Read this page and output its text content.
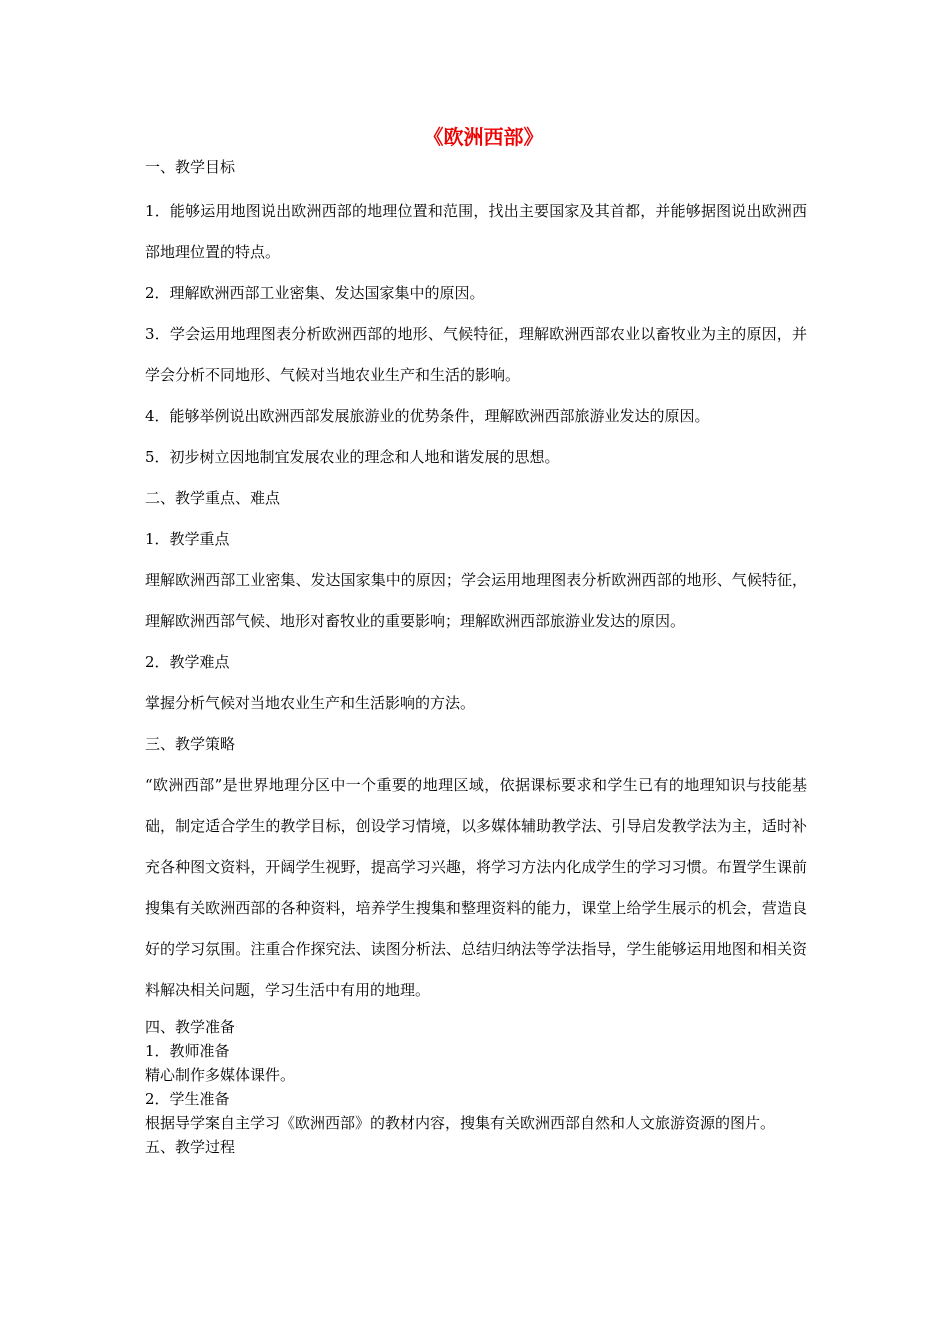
《欧洲西部》
一、教学目标
1．能够运用地图说出欧洲西部的地理位置和范围，找出主要国家及其首都，并能够据图说出欧洲西部地理位置的特点。
2．理解欧洲西部工业密集、发达国家集中的原因。
3．学会运用地理图表分析欧洲西部的地形、气候特征，理解欧洲西部农业以畜牧业为主的原因，并学会分析不同地形、气候对当地农业生产和生活的影响。
4．能够举例说出欧洲西部发展旅游业的优势条件，理解欧洲西部旅游业发达的原因。
5．初步树立因地制宜发展农业的理念和人地和谐发展的思想。
二、教学重点、难点
1．教学重点
理解欧洲西部工业密集、发达国家集中的原因；学会运用地理图表分析欧洲西部的地形、气候特征，理解欧洲西部气候、地形对畜牧业的重要影响；理解欧洲西部旅游业发达的原因。
2．教学难点
掌握分析气候对当地农业生产和生活影响的方法。
三、教学策略
“欧洲西部”是世界地理分区中一个重要的地理区域，依据课标要求和学生已有的地理知识与技能基础，制定适合学生的教学目标，创设学习情境，以多媒体辅助教学法、引导启发教学法为主，适时补充各种图文资料，开阔学生视野，提高学习兴趣，将学习方法内化成学生的学习习惯。布置学生课前搜集有关欧洲西部的各种资料，培养学生搜集和整理资料的能力，课堂上给学生展示的机会，营造良好的学习氛围。注重合作探究法、读图分析法、总结归纳法等学法指导，学生能够运用地图和相关资料解决相关问题，学习生活中有用的地理。
四、教学准备
1．教师准备
精心制作多媒体课件。
2．学生准备
根据导学案自主学习《欧洲西部》的教材内容，搜集有关欧洲西部自然和人文旅游资源的图片。
五、教学过程
